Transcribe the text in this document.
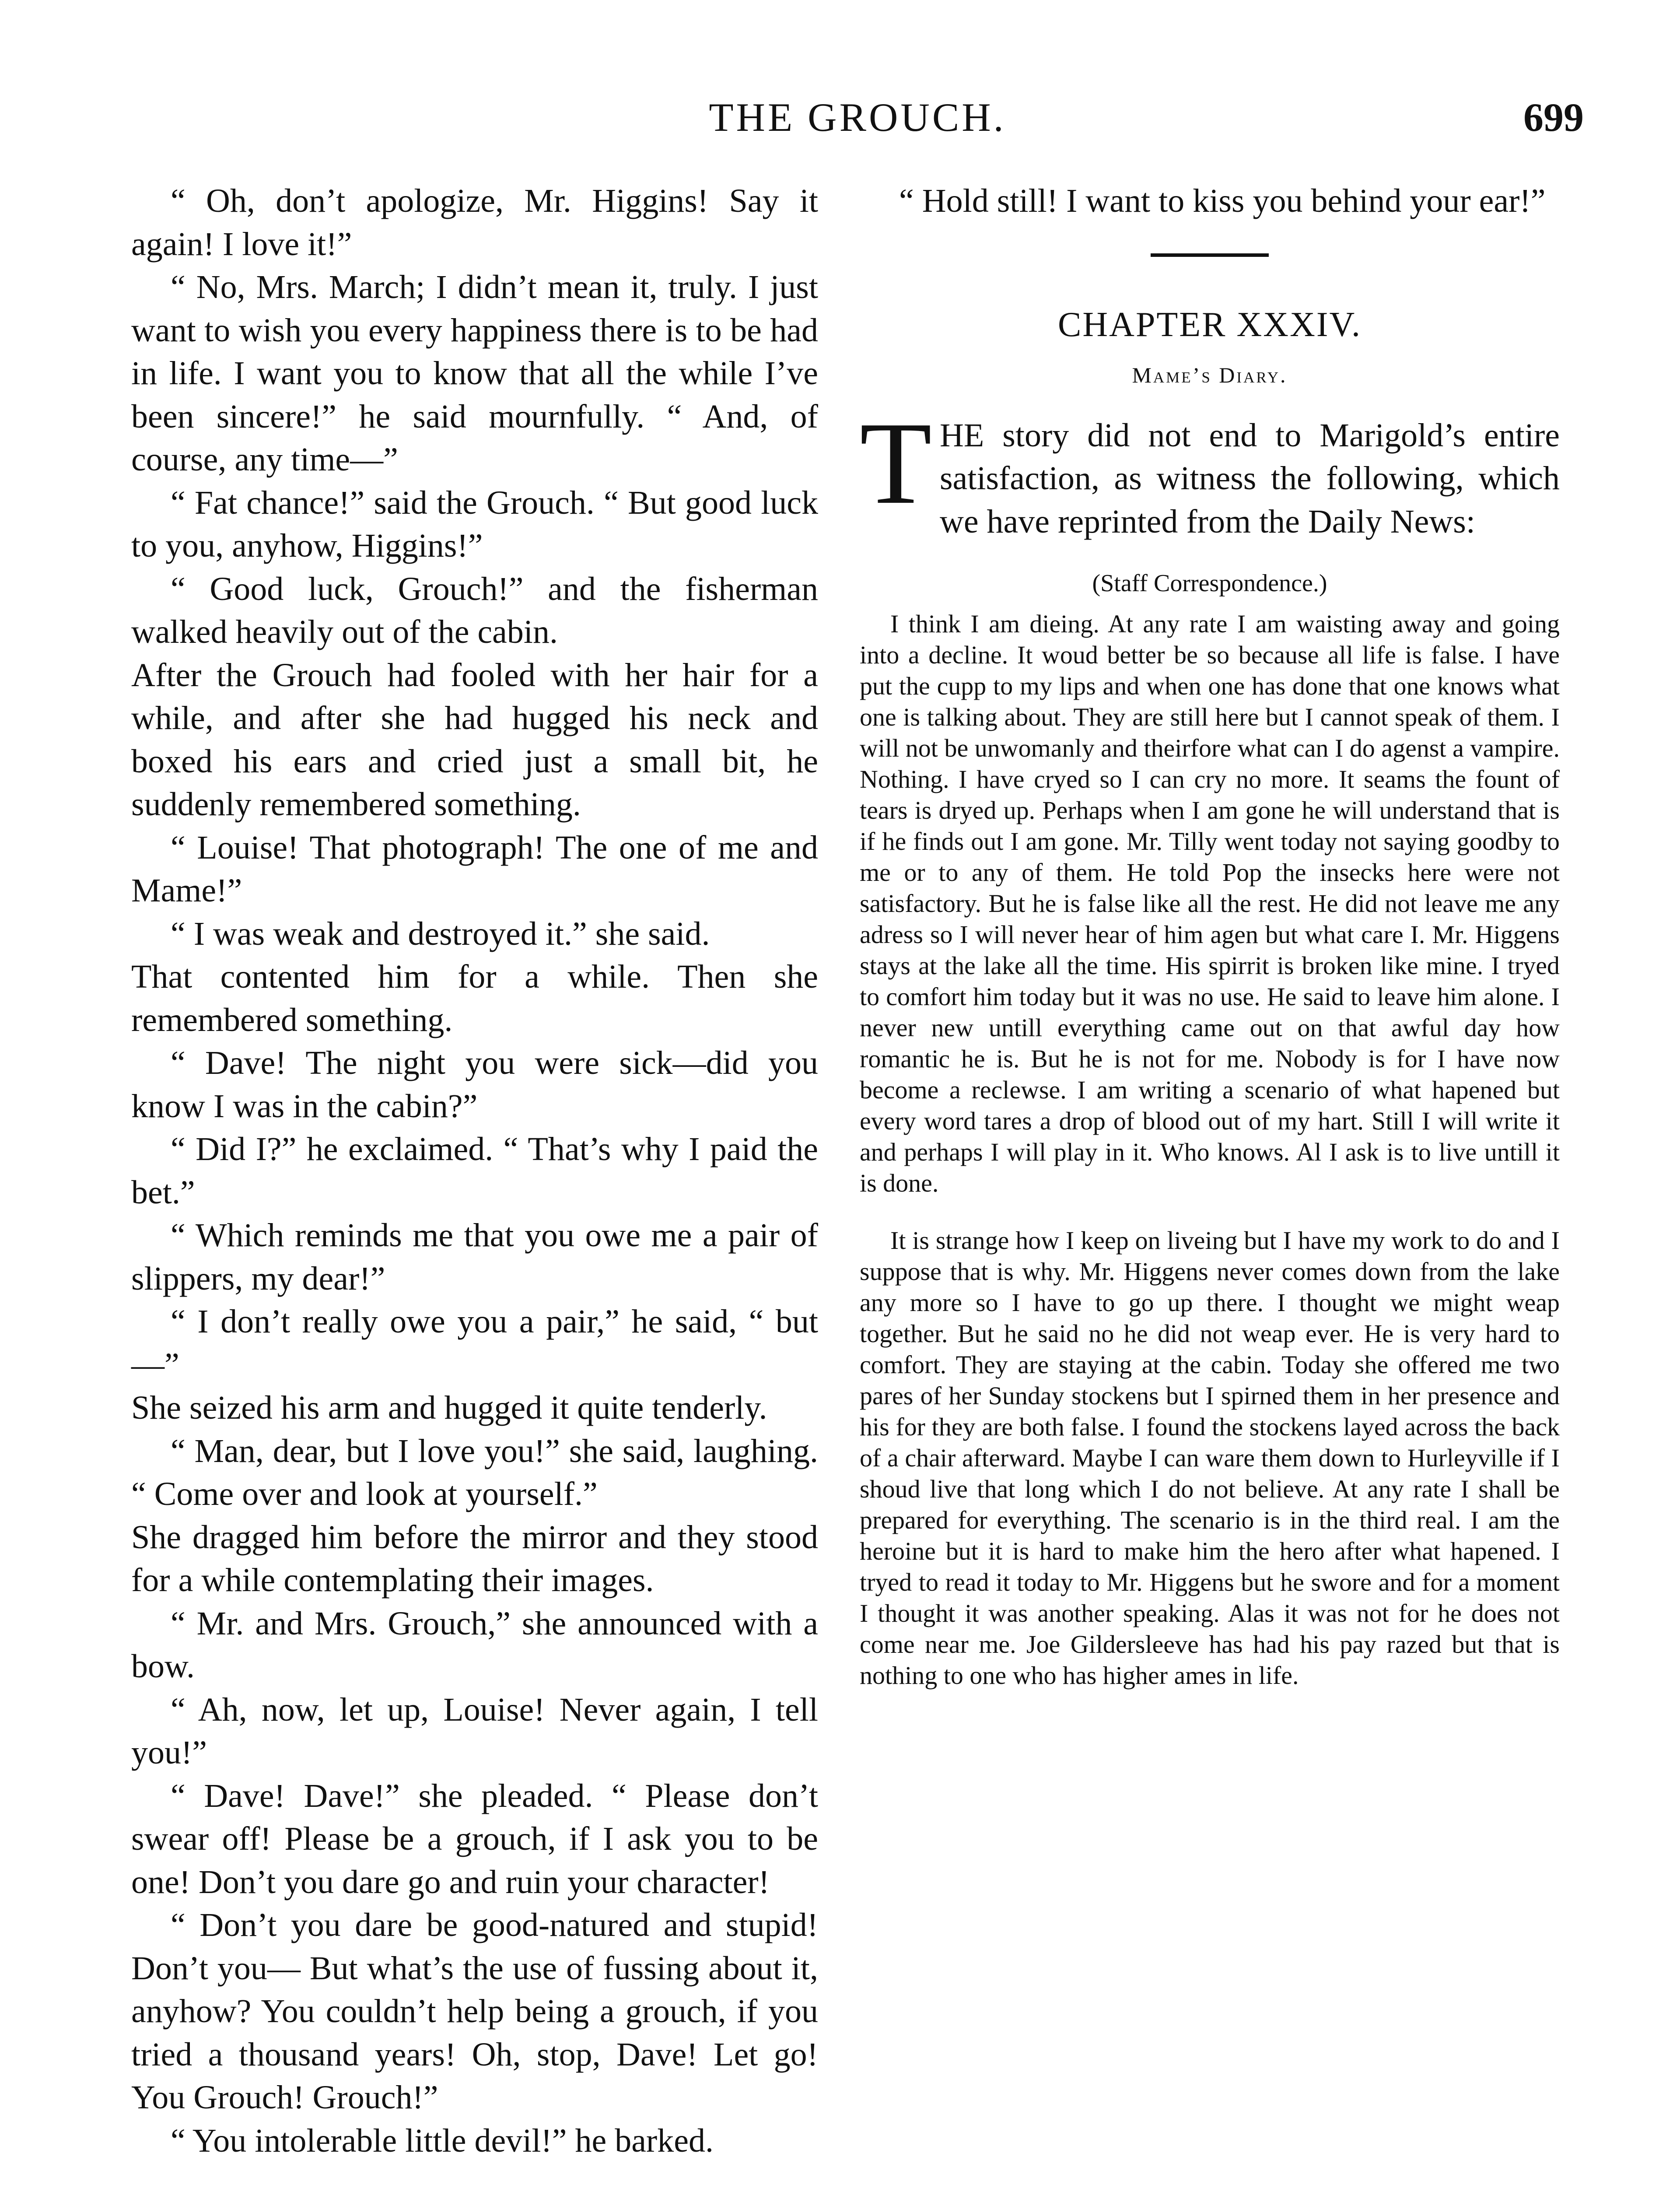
THE GROUCH.	699

“ Oh, don’t apologize, Mr. Higgins! Say it again! I love it!”

“ No, Mrs. March; I didn’t mean it, truly. I just want to wish you every happiness there is to be had in life. I want you to know that all the while I’ve been sincere!” he said mournfully. “ And, of course, any time—”

“ Fat chance!” said the Grouch. “ But good luck to you, anyhow, Higgins!”

“ Good luck, Grouch!” and the fisherman walked heavily out of the cabin.

After the Grouch had fooled with her hair for a while, and after she had hugged his neck and boxed his ears and cried just a small bit, he suddenly remembered something.

“ Louise! That photograph! The one of me and Mame!”

“ I was weak and destroyed it.” she said.

That contented him for a while. Then she remembered something.

“ Dave! The night you were sick—did you know I was in the cabin?”

“ Did I?” he exclaimed. “ That’s why I paid the bet.”

“ Which reminds me that you owe me a pair of slippers, my dear!”

“ I don’t really owe you a pair,” he said, “ but—”

She seized his arm and hugged it quite tenderly.

“ Man, dear, but I love you!” she said, laughing. “ Come over and look at yourself.”

She dragged him before the mirror and they stood for a while contemplating their images.

“ Mr. and Mrs. Grouch,” she announced with a bow.

“ Ah, now, let up, Louise! Never again, I tell you!”

“ Dave! Dave!” she pleaded. “ Please don’t swear off! Please be a grouch, if I ask you to be one! Don’t you dare go and ruin your character!

“ Don’t you dare be good-natured and stupid! Don’t you— But what’s the use of fussing about it, anyhow? You couldn’t help being a grouch, if you tried a thousand years! Oh, stop, Dave! Let go! You Grouch! Grouch!”

“ You intolerable little devil!” he barked.

“ Hold still! I want to kiss you behind your ear!”

CHAPTER XXXIV.
Mame’s Diary.

THE story did not end to Marigold’s entire satisfaction, as witness the following, which we have reprinted from the Daily News:

(Staff Correspondence.)

I think I am dieing. At any rate I am waisting away and going into a decline. It woud better be so because all life is false. I have put the cupp to my lips and when one has done that one knows what one is talking about. They are still here but I cannot speak of them. I will not be unwomanly and theirfore what can I do agenst a vampire. Nothing. I have cryed so I can cry no more. It seams the fount of tears is dryed up. Perhaps when I am gone he will understand that is if he finds out I am gone. Mr. Tilly went today not saying goodby to me or to any of them. He told Pop the insecks here were not satisfactory. But he is false like all the rest. He did not leave me any adress so I will never hear of him agen but what care I. Mr. Higgens stays at the lake all the time. His spirrit is broken like mine. I tryed to comfort him today but it was no use. He said to leave him alone. I never new untill everything came out on that awful day how romantic he is. But he is not for me. Nobody is for I have now become a reclewse. I am writing a scenario of what hapened but every word tares a drop of blood out of my hart. Still I will write it and perhaps I will play in it. Who knows. Al I ask is to live untill it is done.

It is strange how I keep on liveing but I have my work to do and I suppose that is why. Mr. Higgens never comes down from the lake any more so I have to go up there. I thought we might weap together. But he said no he did not weap ever. He is very hard to comfort. They are staying at the cabin. Today she offered me two pares of her Sunday stockens but I spirned them in her presence and his for they are both false. I found the stockens layed across the back of a chair afterward. Maybe I can ware them down to Hurleyville if I shoud live that long which I do not believe. At any rate I shall be prepared for everything. The scenario is in the third real. I am the heroine but it is hard to make him the hero after what hapened. I tryed to read it today to Mr. Higgens but he swore and for a moment I thought it was another speaking. Alas it was not for he does not come near me. Joe Gildersleeve has had his pay razed but that is nothing to one who has higher ames in life.
